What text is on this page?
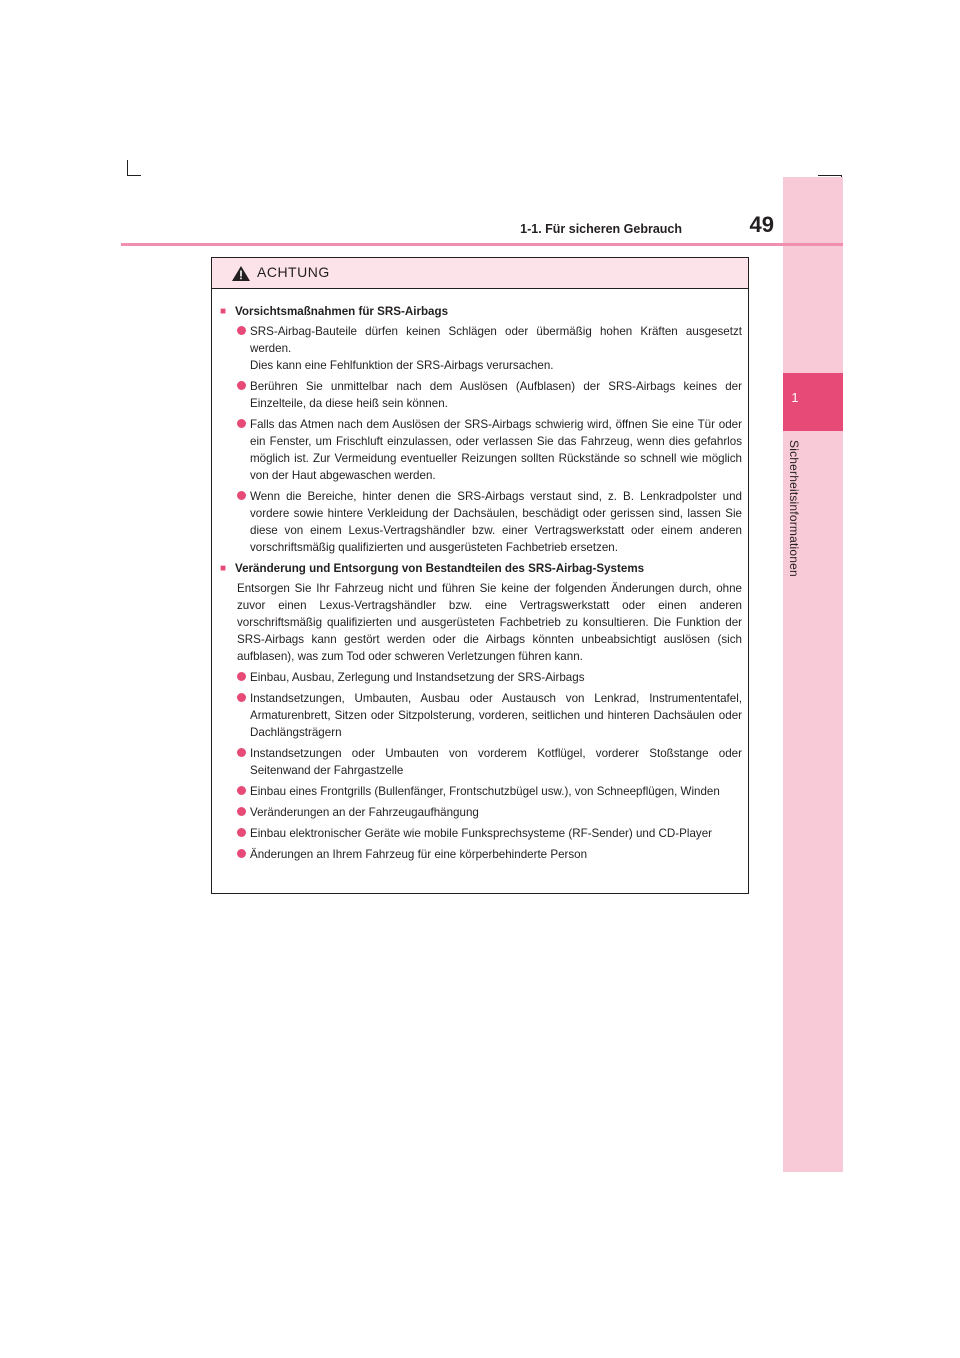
1
Sicherheitsinformationen
1-1. Für sicheren Gebrauch	49
ACHTUNG
■ Vorsichtsmaßnahmen für SRS-Airbags
SRS-Airbag-Bauteile dürfen keinen Schlägen oder übermäßig hohen Kräften ausgesetzt werden.
Dies kann eine Fehlfunktion der SRS-Airbags verursachen.
Berühren Sie unmittelbar nach dem Auslösen (Aufblasen) der SRS-Airbags keines der Einzelteile, da diese heiß sein können.
Falls das Atmen nach dem Auslösen der SRS-Airbags schwierig wird, öffnen Sie eine Tür oder ein Fenster, um Frischluft einzulassen, oder verlassen Sie das Fahrzeug, wenn dies gefahrlos möglich ist. Zur Vermeidung eventueller Reizungen sollten Rückstände so schnell wie möglich von der Haut abgewaschen werden.
Wenn die Bereiche, hinter denen die SRS-Airbags verstaut sind, z. B. Lenkradpolster und vordere sowie hintere Verkleidung der Dachsäulen, beschädigt oder gerissen sind, lassen Sie diese von einem Lexus-Vertragshändler bzw. einer Vertragswerkstatt oder einem anderen vorschriftsmäßig qualifizierten und ausgerüsteten Fachbetrieb ersetzen.
■ Veränderung und Entsorgung von Bestandteilen des SRS-Airbag-Systems
Entsorgen Sie Ihr Fahrzeug nicht und führen Sie keine der folgenden Änderungen durch, ohne zuvor einen Lexus-Vertragshändler bzw. eine Vertragswerkstatt oder einen anderen vorschriftsmäßig qualifizierten und ausgerüsteten Fachbetrieb zu konsultieren. Die Funktion der SRS-Airbags kann gestört werden oder die Airbags könnten unbeabsichtigt auslösen (sich aufblasen), was zum Tod oder schweren Verletzungen führen kann.
Einbau, Ausbau, Zerlegung und Instandsetzung der SRS-Airbags
Instandsetzungen, Umbauten, Ausbau oder Austausch von Lenkrad, Instrumententafel, Armaturenbrett, Sitzen oder Sitzpolsterung, vorderen, seitlichen und hinteren Dachsäulen oder Dachlängsträgern
Instandsetzungen oder Umbauten von vorderem Kotflügel, vorderer Stoßstange oder Seitenwand der Fahrgastzelle
Einbau eines Frontgrills (Bullenfänger, Frontschutzbügel usw.), von Schneepflügen, Winden
Veränderungen an der Fahrzeugaufhängung
Einbau elektronischer Geräte wie mobile Funksprechsysteme (RF-Sender) und CD-Player
Änderungen an Ihrem Fahrzeug für eine körperbehinderte Person
